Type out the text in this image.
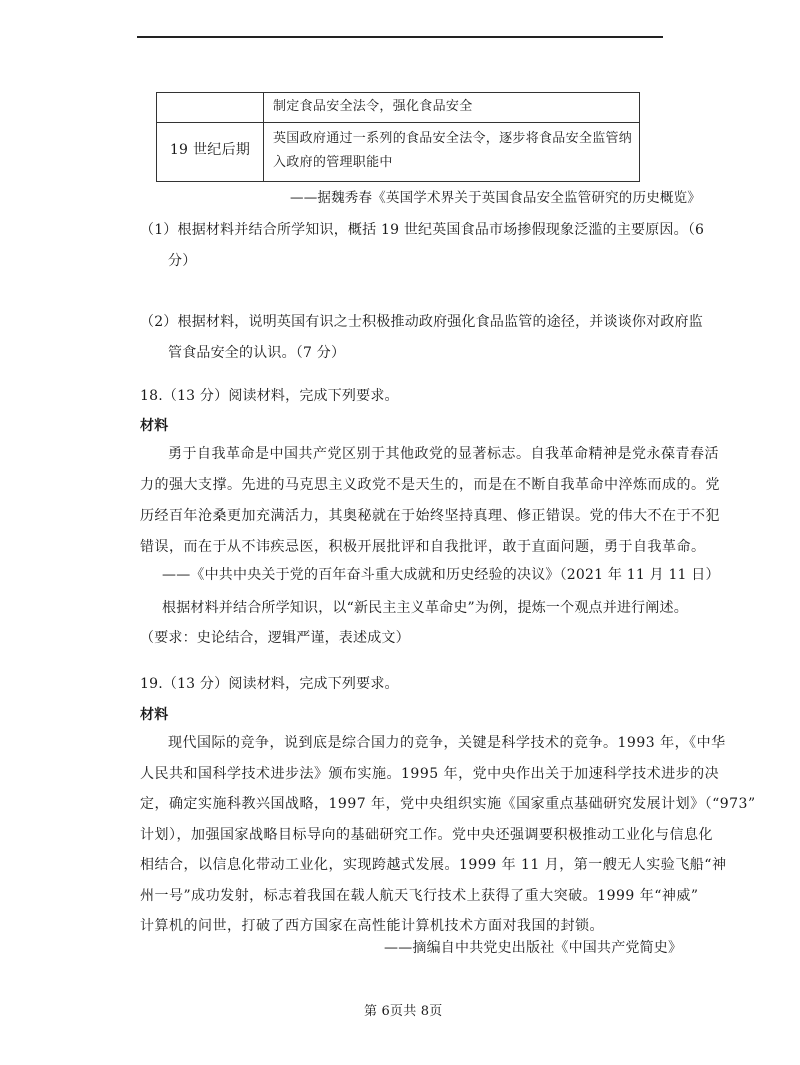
制定食品安全法令，强化食品安全
19 世纪后期
英国政府通过一系列的食品安全法令，逐步将食品安全监管纳
入政府的管理职能中
——据魏秀春《英国学术界关于英国食品安全监管研究的历史概览》
（1）根据材料并结合所学知识，概括 19 世纪英国食品市场掺假现象泛滥的主要原因。（6
分）
（2）根据材料，说明英国有识之士积极推动政府强化食品监管的途径，并谈谈你对政府监
管食品安全的认识。（7 分）
18.（13 分）阅读材料，完成下列要求。
材料
勇于自我革命是中国共产党区别于其他政党的显著标志。自我革命精神是党永葆青春活
力的强大支撑。先进的马克思主义政党不是天生的，而是在不断自我革命中淬炼而成的。党
历经百年沧桑更加充满活力，其奥秘就在于始终坚持真理、修正错误。党的伟大不在于不犯
错误，而在于从不讳疾忌医，积极开展批评和自我批评，敢于直面问题，勇于自我革命。
——《中共中央关于党的百年奋斗重大成就和历史经验的决议》（2021 年 11 月 11 日）
根据材料并结合所学知识，以“新民主主义革命史”为例，提炼一个观点并进行阐述。
（要求：史论结合，逻辑严谨，表述成文）
19.（13 分）阅读材料，完成下列要求。
材料
现代国际的竞争，说到底是综合国力的竞争，关键是科学技术的竞争。1993 年，《中华
人民共和国科学技术进步法》颁布实施。1995 年，党中央作出关于加速科学技术进步的决
定，确定实施科教兴国战略，1997 年，党中央组织实施《国家重点基础研究发展计划》（“973”
计划），加强国家战略目标导向的基础研究工作。党中央还强调要积极推动工业化与信息化
相结合，以信息化带动工业化，实现跨越式发展。1999 年 11 月，第一艘无人实验飞船“神
州一号”成功发射，标志着我国在载人航天飞行技术上获得了重大突破。1999 年“神威”
计算机的问世，打破了西方国家在高性能计算机技术方面对我国的封锁。
——摘编自中共党史出版社《中国共产党简史》
第 6页共 8页
